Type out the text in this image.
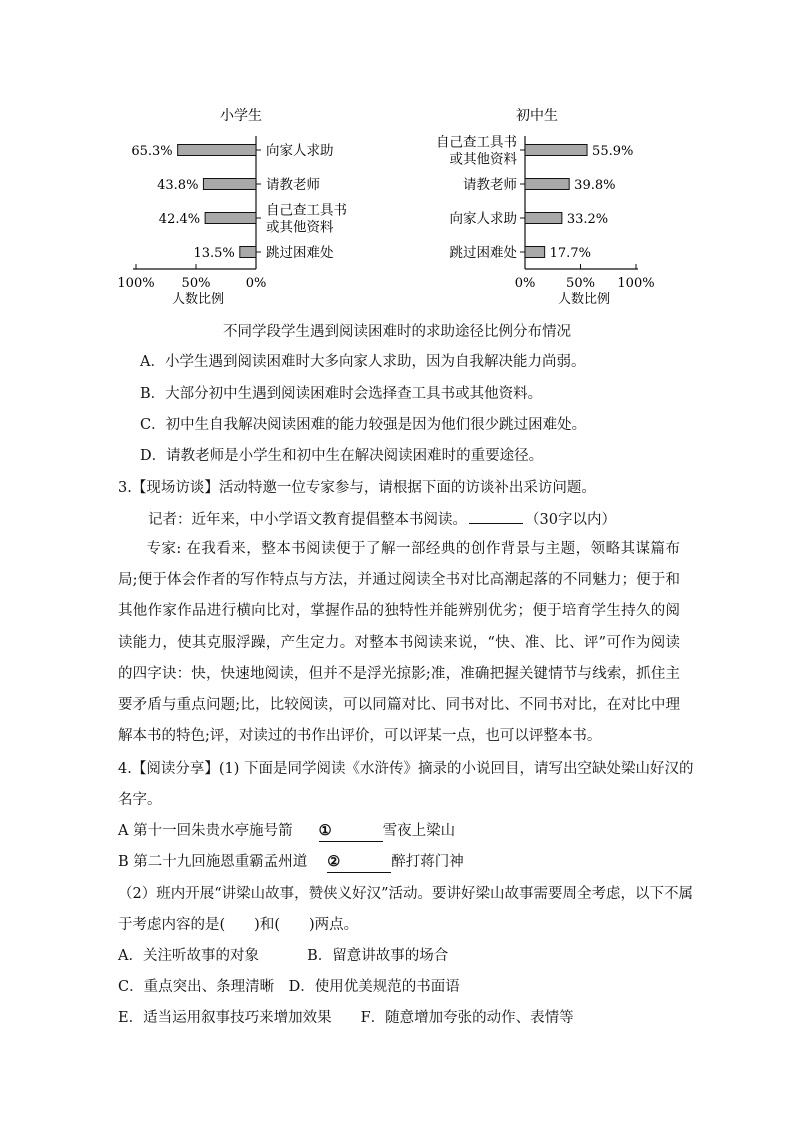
小学生
65.3%	向家人求助
43.8%	请教老师
42.4%
自己查工具书或其他资料
13.5% 跳过困难处
100% 50%	0%
人数比例
初中生
55.9%
自己查工具书或其他资料
39.8%
请教老师
33.2%
向家人求助
17.7%
跳过困难处
0% 50% 100%
人数比例
不同学段学生遇到阅读困难时的求助途径比例分布情况
A．小学生遇到阅读困难时大多向家人求助，因为自我解决能力尚弱。
B．大部分初中生遇到阅读困难时会选择查工具书或其他资料。
C．初中生自我解决阅读困难的能力较强是因为他们很少跳过困难处。
D．请教老师是小学生和初中生在解决阅读困难时的重要途径。
3.【现场访谈】活动特邀一位专家参与，请根据下面的访谈补出采访问题。
记者：近年来，中小学语文教育提倡整本书阅读。	（30字以内）
专家: 在我看来，整本书阅读便于了解一部经典的创作背景与主题，领略其谋篇布局;便于体会作者的写作特点与方法，并通过阅读全书对比高潮起落的不同魅力；便于和其他作家作品进行横向比对，掌握作品的独特性并能辨别优劣；便于培育学生持久的阅读能力，使其克服浮躁，产生定力。对整本书阅读来说，“快、准、比、评”可作为阅读的四字诀：快，快速地阅读，但并不是浮光掠影;准，准确把握关键情节与线索，抓住主要矛盾与重点问题;比，比较阅读，可以同篇对比、同书对比、不同书对比，在对比中理解本书的特色;评，对读过的书作出评价，可以评某一点，也可以评整本书。
4.【阅读分享】(1) 下面是同学阅读《水浒传》摘录的小说回目，请写出空缺处梁山好汉的
名字。
A 第十一回朱贵水亭施号箭 ①	雪夜上梁山
B 第二十九回施恩重霸孟州道 ②	醉打蒋门神
（2）班内开展“讲梁山故事，赞侠义好汉”活动。要讲好梁山故事需要周全考虑，以下不属
于考虑内容的是(　　)和(　　)两点。
A．关注听故事的对象　　　 B．留意讲故事的场合
C．重点突出、条理清晰　D．使用优美规范的书面语
E．适当运用叙事技巧来增加效果　　F．随意增加夸张的动作、表情等
